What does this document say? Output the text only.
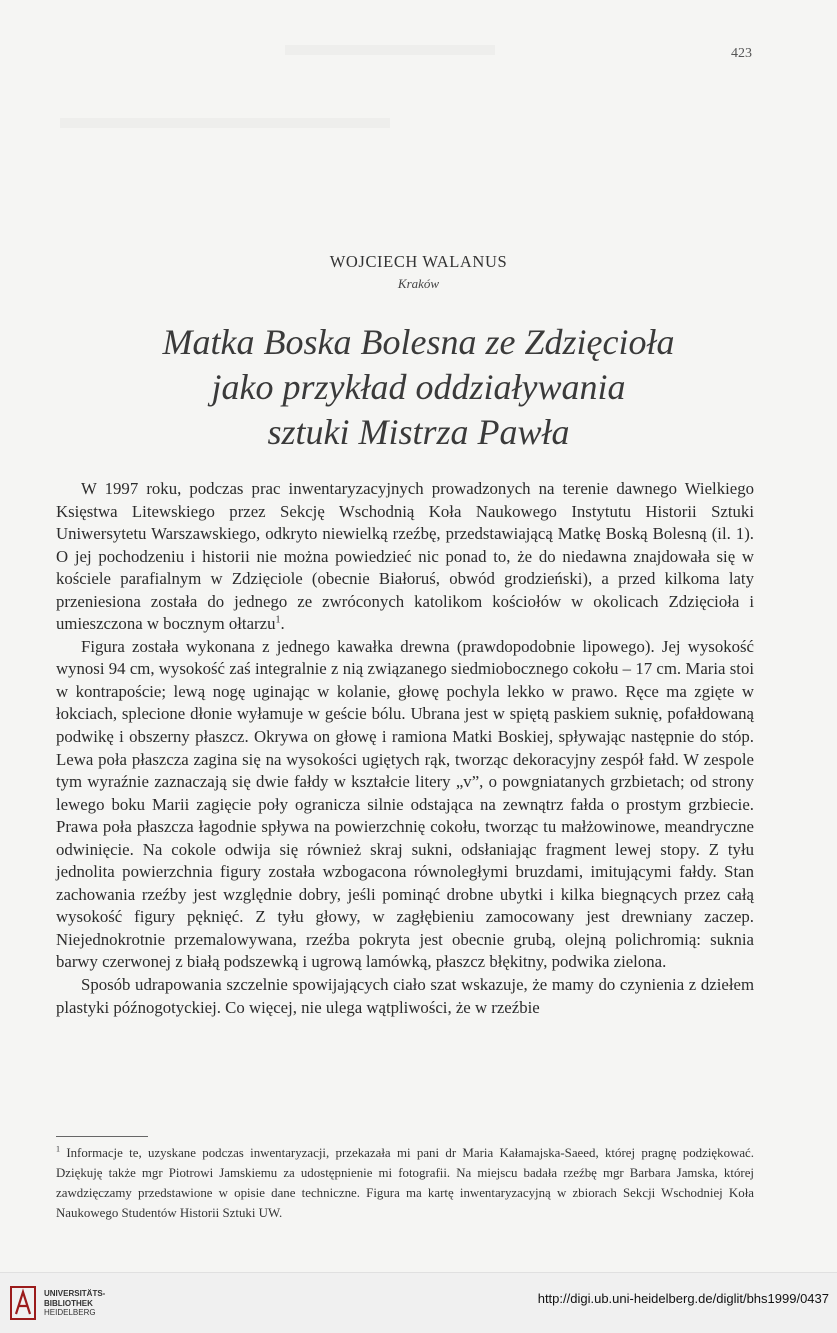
423
WOJCIECH WALANUS
Kraków
Matka Boska Bolesna ze Zdzięcioła
jako przykład oddziaływania
sztuki Mistrza Pawła

W 1997 roku, podczas prac inwentaryzacyjnych prowadzonych na terenie dawnego Wielkiego Księstwa Litewskiego przez Sekcję Wschodnią Koła Naukowego Instytutu Historii Sztuki Uniwersytetu Warszawskiego, odkryto niewielką rzeźbę, przedstawiającą Matkę Boską Bolesną (il. 1). O jej pochodzeniu i historii nie można powiedzieć nic ponad to, że do niedawna znajdowała się w kościele parafialnym w Zdzięciole (obecnie Białoruś, obwód grodzieński), a przed kilkoma laty przeniesiona została do jednego ze zwróconych katolikom kościołów w okolicach Zdzięcioła i umieszczona w bocznym ołtarzu$^1$.

Figura została wykonana z jednego kawałka drewna (prawdopodobnie lipowego). Jej wysokość wynosi 94 cm, wysokość zaś integralnie z nią związanego siedmiobocznego cokołu – 17 cm. Maria stoi w kontrapoście; lewą nogę uginając w kolanie, głowę pochyla lekko w prawo. Ręce ma zgięte w łokciach, splecione dłonie wyłamuje w geście bólu. Ubrana jest w spiętą paskiem suknię, pofałdowaną podwikę i obszerny płaszcz. Okrywa on głowę i ramiona Matki Boskiej, spływając następnie do stóp. Lewa poła płaszcza zagina się na wysokości ugiętych rąk, tworząc dekoracyjny zespół fałd. W zespole tym wyraźnie zaznaczają się dwie fałdy w kształcie litery „v”, o powgniatanych grzbietach; od strony lewego boku Marii zagięcie poły ogranicza silnie odstająca na zewnątrz fałda o prostym grzbiecie. Prawa poła płaszcza łagodnie spływa na powierzchnię cokołu, tworząc tu małżowinowe, meandryczne odwinięcie. Na cokole odwija się również skraj sukni, odsłaniając fragment lewej stopy. Z tyłu jednolita powierzchnia figury została wzbogacona równoległymi bruzdami, imitującymi fałdy. Stan zachowania rzeźby jest względnie dobry, jeśli pominąć drobne ubytki i kilka biegnących przez całą wysokość figury pęknięć. Z tyłu głowy, w zagłębieniu zamocowany jest drewniany zaczep. Niejednokrotnie przemalowywana, rzeźba pokryta jest obecnie grubą, olejną polichromią: suknia barwy czerwonej z białą podszewką i ugrową lamówką, płaszcz błękitny, podwika zielona.

Sposób udrapowania szczelnie spowijających ciało szat wskazuje, że mamy do czynienia z dziełem plastyki późnogotyckiej. Co więcej, nie ulega wątpliwości, że w rzeźbie

$^1$ Informacje te, uzyskane podczas inwentaryzacji, przekazała mi pani dr Maria Kałamajska-Saeed, której pragnę podziękować. Dziękuję także mgr Piotrowi Jamskiemu za udostępnienie mi fotografii. Na miejscu badała rzeźbę mgr Barbara Jamska, której zawdzięczamy przedstawione w opisie dane techniczne. Figura ma kartę inwentaryzacyjną w zbiorach Sekcji Wschodniej Koła Naukowego Studentów Historii Sztuki UW.
UNIVERSITÄTS-
BIBLIOTHEK
HEIDELBERG
http://digi.ub.uni-heidelberg.de/diglit/bhs1999/0437
